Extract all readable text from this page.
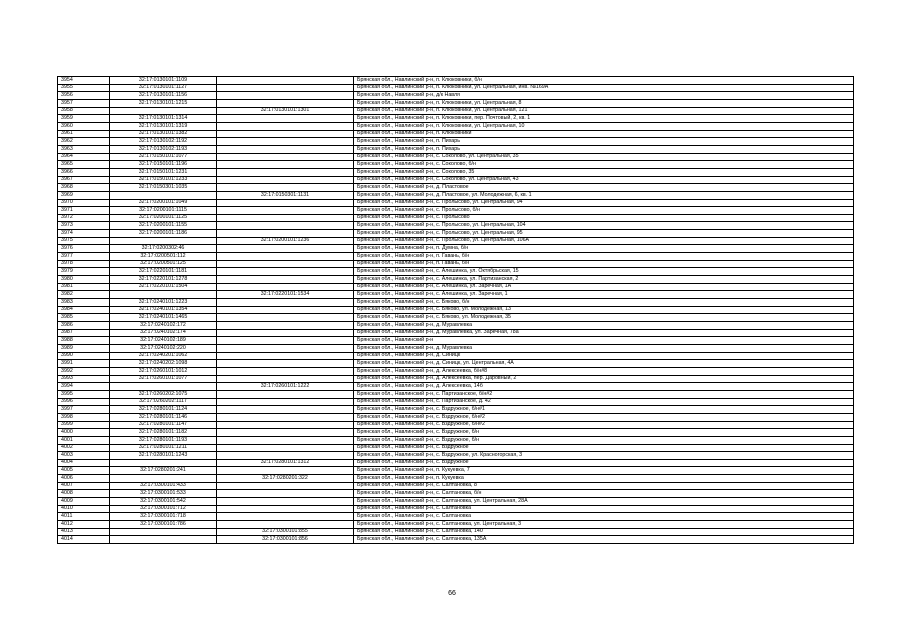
3954	32:17:0130101:1109		Брянская обл., Навлинский р-н, п. Клюковники, б/н
3955	32:17:0130101:1127		Брянская обл., Навлинский р-н, п. Клюковники, ул. Центральная, инв. №169А
3956	32:17:0130101:1156		Брянская обл., Навлинский р-н, д/к Навля
3957	32:17:0130101:1215		Брянская обл., Навлинский р-н, п. Клюковники, ул. Центральная, 8
3958		32:17:0130101:1301	Брянская обл., Навлинский р-н, п. Клюковники, ул. Центральная, 121
3959	32:17:0130101:1314		Брянская обл., Навлинский р-н, п. Клюковники, пер. Почтовый, 2, кв. 1
3960	32:17:0130101:1319		Брянская обл., Навлинский р-н, п. Клюковники, ул. Центральная, 10
3961	32:17:0130101:1382		Брянская обл., Навлинский р-н, п. Клюковники
3962	32:17:0130102:1192		Брянская обл., Навлинский р-н, п. Пихарь
3963	32:17:0130102:1193		Брянская обл., Навлинский р-н, п. Пихарь
3964	32:17:0150101:1077		Брянская обл., Навлинский р-н, с. Соколово, ул. Центральная, 35
3965	32:17:0150101:1196		Брянская обл., Навлинский р-н, с. Соколово, б/н
3966	32:17:0150101:1231		Брянская обл., Навлинский р-н, с. Соколово, 35
3967	32:17:0150101:1233		Брянская обл., Навлинский р-н, с. Соколово, ул. Центральная, 43
3968	32:17:0150301:1035		Брянская обл., Навлинский р-н, д. Пластовое
3969		32:17:0150301:1131	Брянская обл., Навлинский р-н, д. Пластовое, ул. Молодежная, 6, кв. 1
3970	32:17:0200101:1049		Брянская обл., Навлинский р-н, с. Пролысово, ул. Центральная, 94
3971	32:17:0200101:1115		Брянская обл., Навлинский р-н, с. Пролысово, б/н
3972	32:17:0200101:1125		Брянская обл., Навлинский р-н, с. Пролысово
3973	32:17:0200101:1155		Брянская обл., Навлинский р-н, с. Пролысово, ул. Центральная, 104
3974	32:17:0200101:1186		Брянская обл., Навлинский р-н, с. Пролысово, ул. Центральная, 95
3975		32:17:0200101:1236	Брянская обл., Навлинский р-н, с. Пролысово, ул. Центральная, 106А
3976	32:17:0200302:46		Брянская обл., Навлинский р-н, п. Думна, б/н
3977	32:17:0200501:112		Брянская обл., Навлинский р-н, п. Гавань, б/н
3978	32:17:0200501:125		Брянская обл., Навлинский р-н, п. Гавань, б/н
3979	32:17:0220101:1181		Брянская обл., Навлинский р-н, с. Алешинка, ул. Октябрьская, 15
3980	32:17:0220101:1278		Брянская обл., Навлинский р-н, с. Алешинка, ул. Партизанская, 2
3981	32:17:0220101:1504		Брянская обл., Навлинский р-н, с. Алешинка, ул. Заречная, 1А
3982		32:17:0220101:1534	Брянская обл., Навлинский р-н, с. Алешинка, ул. Заречная, 1
3983	32:17:0240101:1223		Брянская обл., Навлинский р-н, с. Бяково, б/н
3984	32:17:0240101:1354		Брянская обл., Навлинский р-н, с. Бяково, ул. Молодежная, 13
3985	32:17:0240101:1465		Брянская обл., Навлинский р-н, с. Бяково, ул. Молодежная, 35
3986	32:17:0240102:172		Брянская обл., Навлинский р-н, д. Муравлевка
3987	32:17:0240102:174		Брянская обл., Навлинский р-н, д. Муравлевка, ул. Заречная, 78а
3988	32:17:0240102:189		Брянская обл., Навлинский р-н
3989	32:17:0240102:220		Брянская обл., Навлинский р-н, д. Муравлевка
3990	32:17:0240201:1062		Брянская обл., Навлинский р-н, д. Синицк
3991	32:17:0240202:1098		Брянская обл., Навлинский р-н, д. Синицк, ул. Центральная, 4А
3992	32:17:0260101:1012		Брянская обл., Навлинский р-н, д. Алексеевка, б/н#8
3993	32:17:0260101:1077		Брянская обл., Навлинский р-н, д. Алексеевка, пер. Даровный, 2
3994		32:17:0260101:1222	Брянская обл., Навлинский р-н, д. Алексеевка, 14б
3995	32:17:0260202:1075		Брянская обл., Навлинский р-н, с. Партизанское, б/н#2
3996	32:17:0260202:1117		Брянская обл., Навлинский р-н, с. Партизанское, д. 42
3997	32:17:0280101:1124		Брянская обл., Навлинский р-н, с. Вздружное, б/н#1
3998	32:17:0280101:1146		Брянская обл., Навлинский р-н, с. Вздружное, б/н#2
3999	32:17:0280101:1147		Брянская обл., Навлинский р-н, с. Вздружное, б/н#2
4000	32:17:0280101:1182		Брянская обл., Навлинский р-н, с. Вздружное, б/н
4001	32:17:0280101:1193		Брянская обл., Навлинский р-н, с. Вздружное, б/н
4002	32:17:0280101:1211		Брянская обл., Навлинский р-н, с. Вздружное
4003	32:17:0280101:1243		Брянская обл., Навлинский р-н, с. Вздружное, ул. Красногорская, 3
4004		32:17:0280101:1312	Брянская обл., Навлинский р-н, с. Вздружное
4005	32:17:0280201:241		Брянская обл., Навлинский р-н, п. Кукуевка, 7
4006		32:17:0280201:322	Брянская обл., Навлинский р-н, п. Кукуевка
4007	32:17:0300101:433		Брянская обл., Навлинский р-н, с. Салтановка, 8
4008	32:17:0300101:533		Брянская обл., Навлинский р-н, с. Салтановка, б/н
4009	32:17:0300101:542		Брянская обл., Навлинский р-н, с. Салтановка, ул. Центральная, 28А
4010	32:17:0300101:712		Брянская обл., Навлинский р-н, с. Салтановка
4011	32:17:0300101:718		Брянская обл., Навлинский р-н, с. Салтановка
4012	32:17:0300101:786		Брянская обл., Навлинский р-н, с. Салтановка, ул. Центральная, 3
4013		32:17:0300101:855	Брянская обл., Навлинский р-н, с. Салтановка, 140
4014		32:17:0300101:856	Брянская обл., Навлинский р-н, с. Салтановка, 135А
66
